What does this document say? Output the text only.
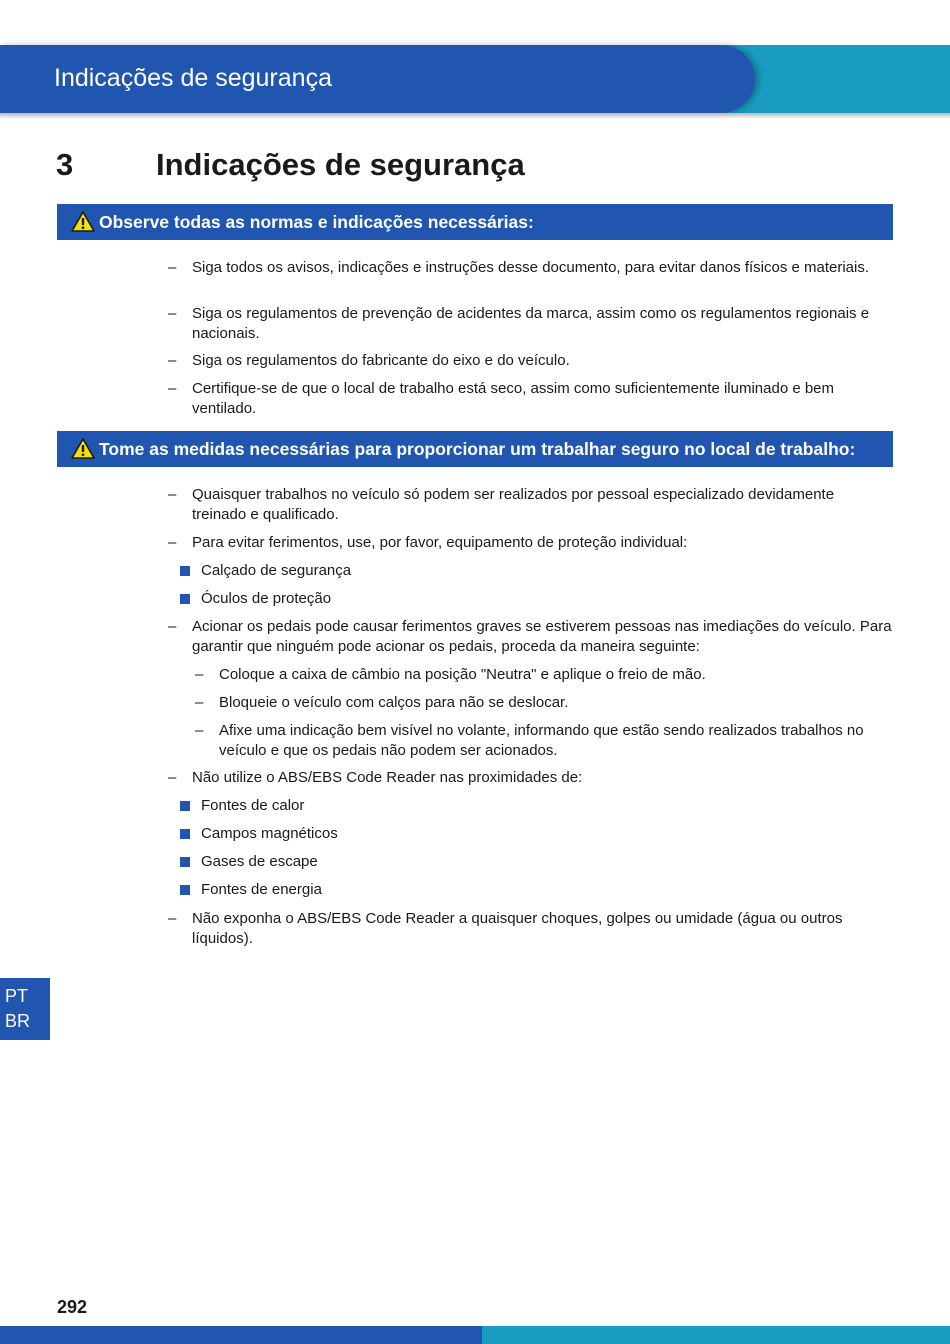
Indicações de segurança
3	Indicações de segurança
Observe todas as normas e indicações necessárias:
– Siga todos os avisos, indicações e instruções desse documento, para evitar danos físicos e materiais.
– Siga os regulamentos de prevenção de acidentes da marca, assim como os regulamentos regionais e nacionais.
– Siga os regulamentos do fabricante do eixo e do veículo.
– Certifique-se de que o local de trabalho está seco, assim como suficientemente iluminado e bem ventilado.
Tome as medidas necessárias para proporcionar um trabalhar seguro no local de trabalho:
– Quaisquer trabalhos no veículo só podem ser realizados por pessoal especializado devidamente treinado e qualificado.
– Para evitar ferimentos, use, por favor, equipamento de proteção individual:
Calçado de segurança
Óculos de proteção
– Acionar os pedais pode causar ferimentos graves se estiverem pessoas nas imediações do veículo. Para garantir que ninguém pode acionar os pedais, proceda da maneira seguinte:
– Coloque a caixa de câmbio na posição "Neutra" e aplique o freio de mão.
– Bloqueie o veículo com calços para não se deslocar.
– Afixe uma indicação bem visível no volante, informando que estão sendo realizados trabalhos no veículo e que os pedais não podem ser acionados.
– Não utilize o ABS/EBS Code Reader nas proximidades de:
Fontes de calor
Campos magnéticos
Gases de escape
Fontes de energia
– Não exponha o ABS/EBS Code Reader a quaisquer choques, golpes ou umidade (água ou outros líquidos).
PT
BR
292
